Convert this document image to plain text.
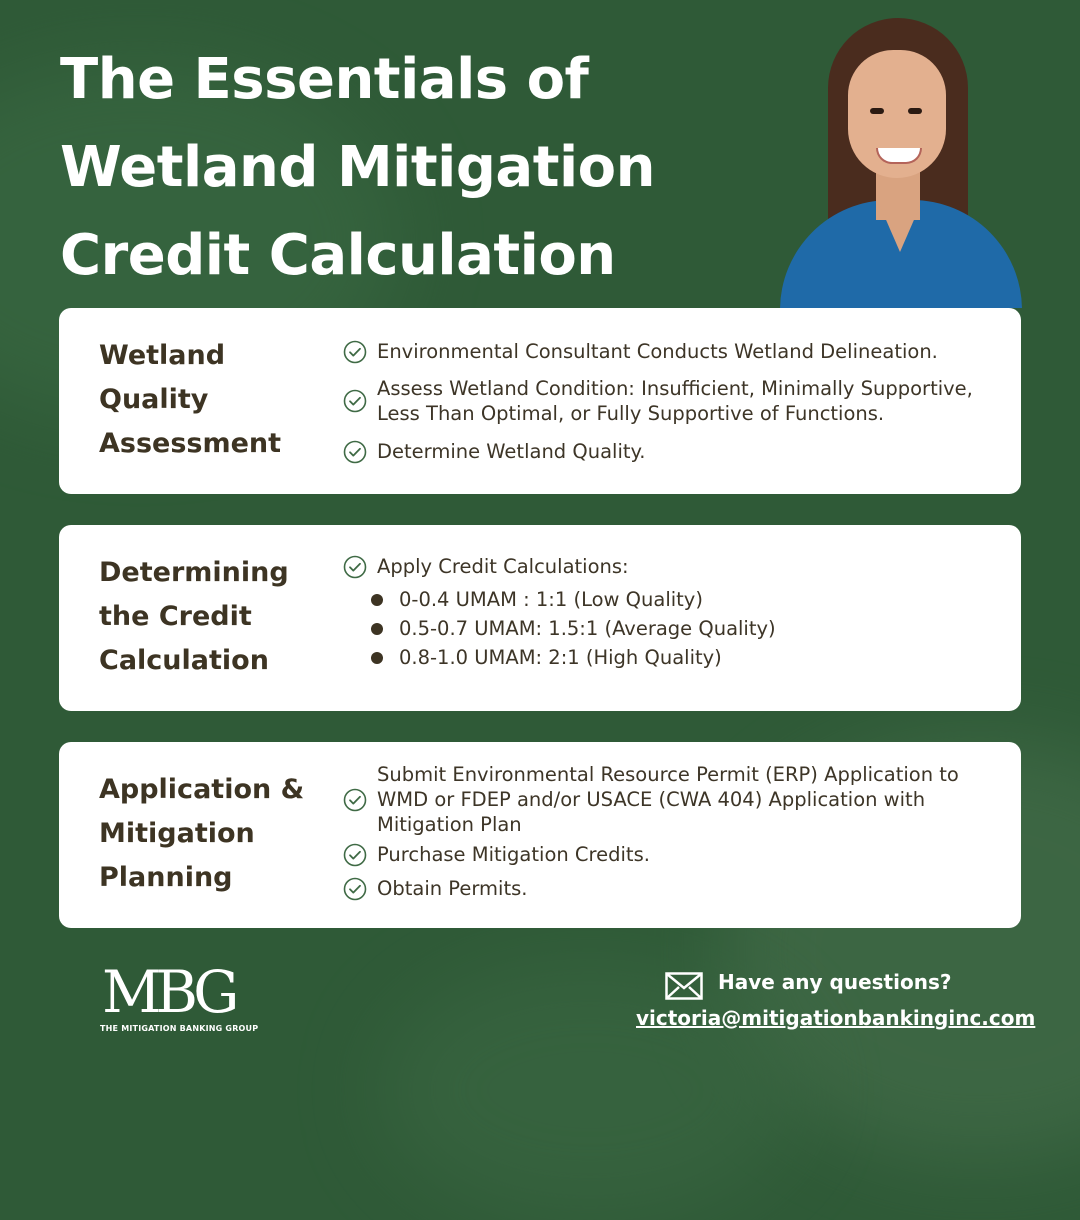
The Essentials of
Wetland Mitigation
Credit Calculation
Wetland
Quality
Assessment
Environmental Consultant Conducts Wetland Delineation.
Assess Wetland Condition: Insufficient, Minimally Supportive, Less Than Optimal, or Fully Supportive of Functions.
Determine Wetland Quality.
Determining
the Credit
Calculation
Apply Credit Calculations:
0-0.4 UMAM : 1:1 (Low Quality)
0.5-0.7 UMAM: 1.5:1 (Average Quality)
0.8-1.0 UMAM: 2:1 (High Quality)
Application &
Mitigation
Planning
Submit Environmental Resource Permit (ERP) Application to WMD or FDEP and/or USACE (CWA 404) Application with Mitigation Plan
Purchase Mitigation Credits.
Obtain Permits.
MBG
THE MITIGATION BANKING GROUP
Have any questions?
victoria@mitigationbankinginc.com
